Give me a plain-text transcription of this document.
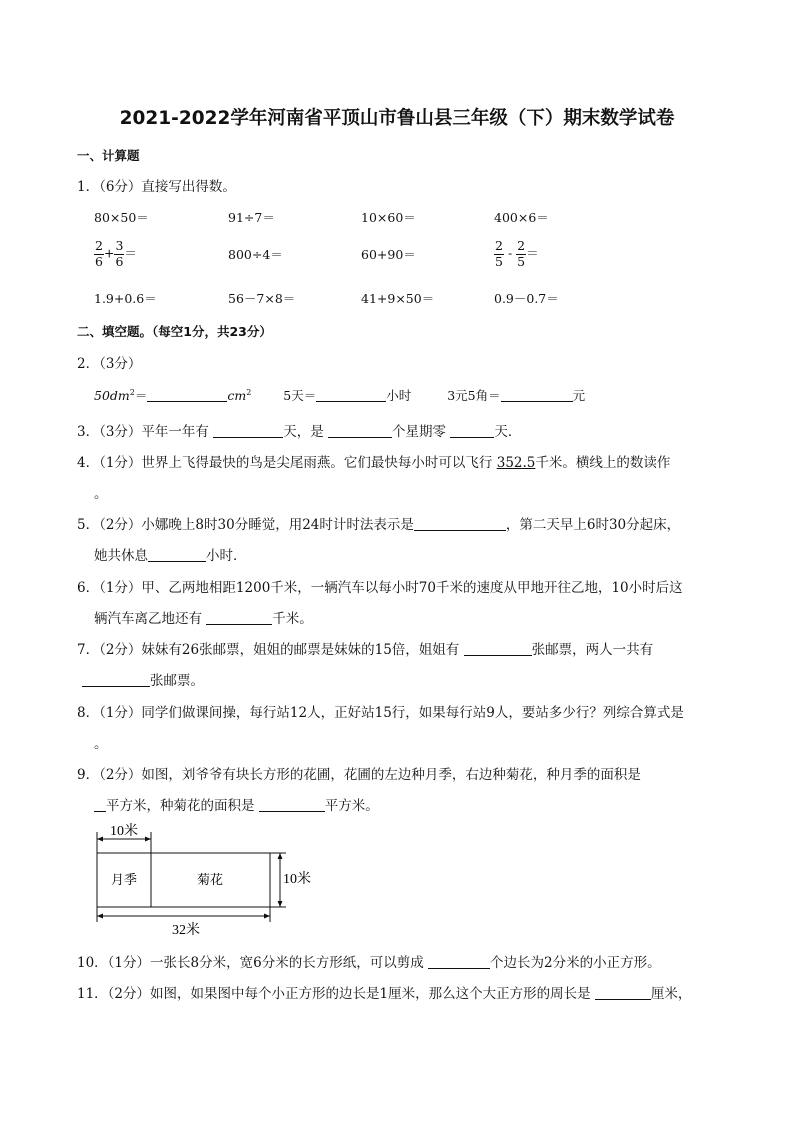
2021-2022学年河南省平顶山市鲁山县三年级（下）期末数学试卷
一、计算题
1．（6分）直接写出得数。
80×50＝	91÷7＝	10×60＝	400×6＝
$\frac{2}{6} + \frac{3}{6}$ ＝	800÷4＝	60+90＝	$\frac{2}{5} - \frac{2}{5}$ ＝
1.9+0.6＝	56－7×8＝	41+9×50＝	0.9－0.7＝
二、填空题。（每空1分，共23分）
2．（3分）
$50dm^2=$	$cm^2$	5天＝	小时	3元5角＝	元
3．（3分）平年一年有	天，是	个星期零	天．
4．（1分）世界上飞得最快的鸟是尖尾雨燕。它们最快每小时可以飞行 352.5千米。横线上的数读作
。
5．（2分）小娜晚上8时30分睡觉，用24时计时法表示是	，第二天早上6时30分起床，
她共休息	小时．
6．（1分）甲、乙两地相距1200千米，一辆汽车以每小时70千米的速度从甲地开往乙地，10小时后这
辆汽车离乙地还有	千米。
7．（2分）妹妹有26张邮票，姐姐的邮票是妹妹的15倍，姐姐有	张邮票，两人一共有
张邮票。
8．（1分）同学们做课间操，每行站12人，正好站15行，如果每行站9人，要站多少行？列综合算式是
。
9．（2分）如图，刘爷爷有块长方形的花圃，花圃的左边种月季，右边种菊花，种月季的面积是
平方米，种菊花的面积是	平方米。
10米
月季	菊花	10米
32米
10．（1分）一张长8分米，宽6分米的长方形纸，可以剪成	个边长为2分米的小正方形。
11．（2分）如图，如果图中每个小正方形的边长是1厘米，那么这个大正方形的周长是	厘米，
